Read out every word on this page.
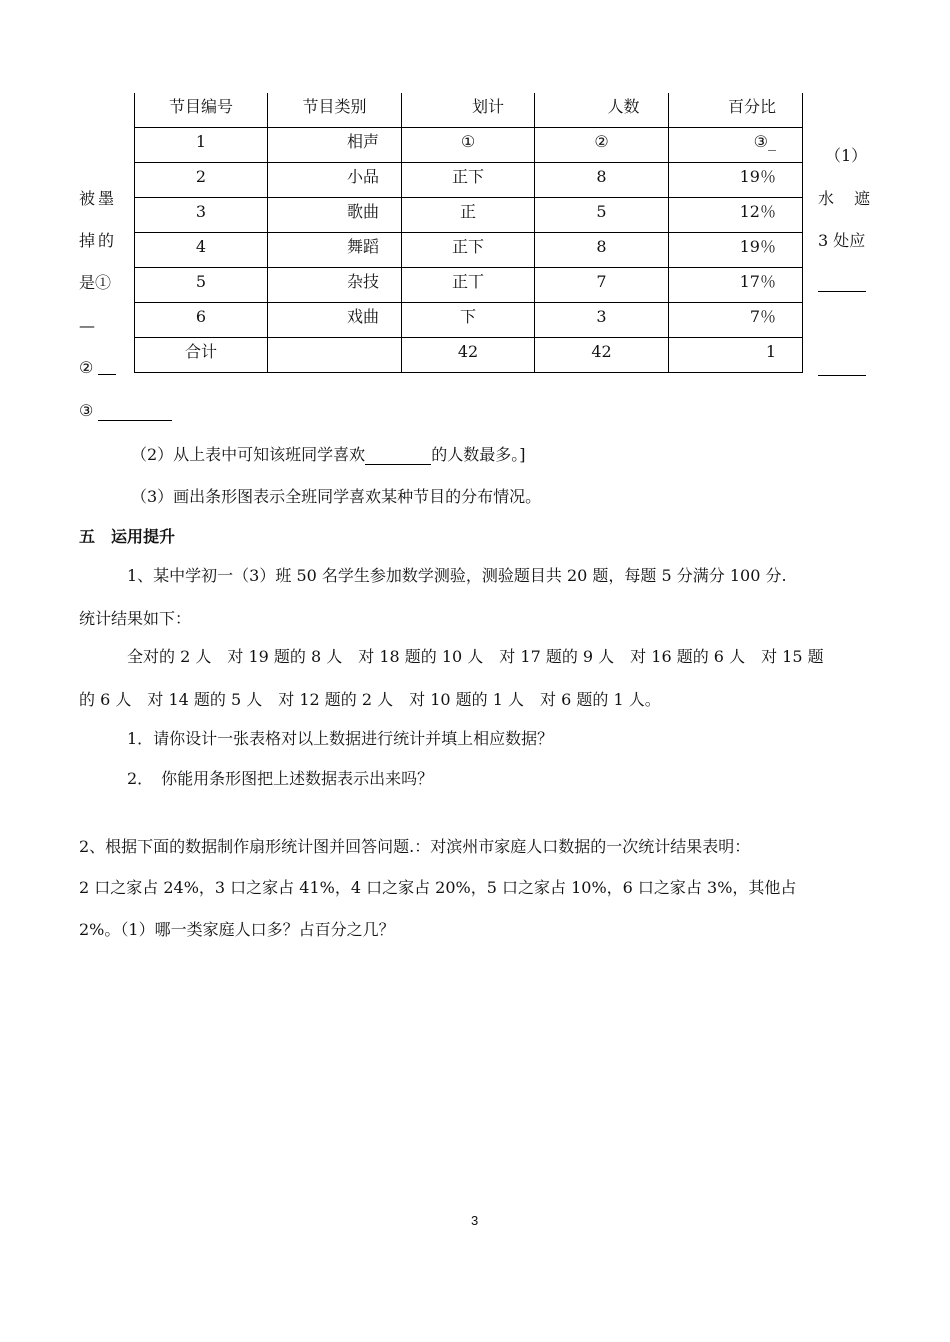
节目编号	节目类别	划计	人数	百分比
1	相声	①	②	③_
2	小品	正下	8	19％
3	歌曲	正	5	12％
4	舞蹈	正下	8	19％
5	杂技	正丅	7	17％
6	戏曲	下	3	7％
合计		42	42	1
（1）
水　遮
3 处应
被墨
掉的
是①
—
②
③
（2）从上表中可知该班同学喜欢	的人数最多。]
（3）画出条形图表示全班同学喜欢某种节目的分布情况。
五　运用提升
1、某中学初一（3）班 50 名学生参加数学测验，测验题目共 20 题，每题 5 分满分 100 分.
统计结果如下：
全对的 2 人　对 19 题的 8 人　对 18 题的 10 人　对 17 题的 9 人　对 16 题的 6 人　对 15 题
的 6 人　对 14 题的 5 人　对 12 题的 2 人　对 10 题的 1 人　对 6 题的 1 人。
1．请你设计一张表格对以上数据进行统计并填上相应数据？
2．　你能用条形图把上述数据表示出来吗？
2、根据下面的数据制作扇形统计图并回答问题.：对滨州市家庭人口数据的一次统计结果表明：
2 口之家占 24%，3 口之家占 41%，4 口之家占 20%，5 口之家占 10%，6 口之家占 3%，其他占
2%。（1）哪一类家庭人口多？占百分之几？
3
